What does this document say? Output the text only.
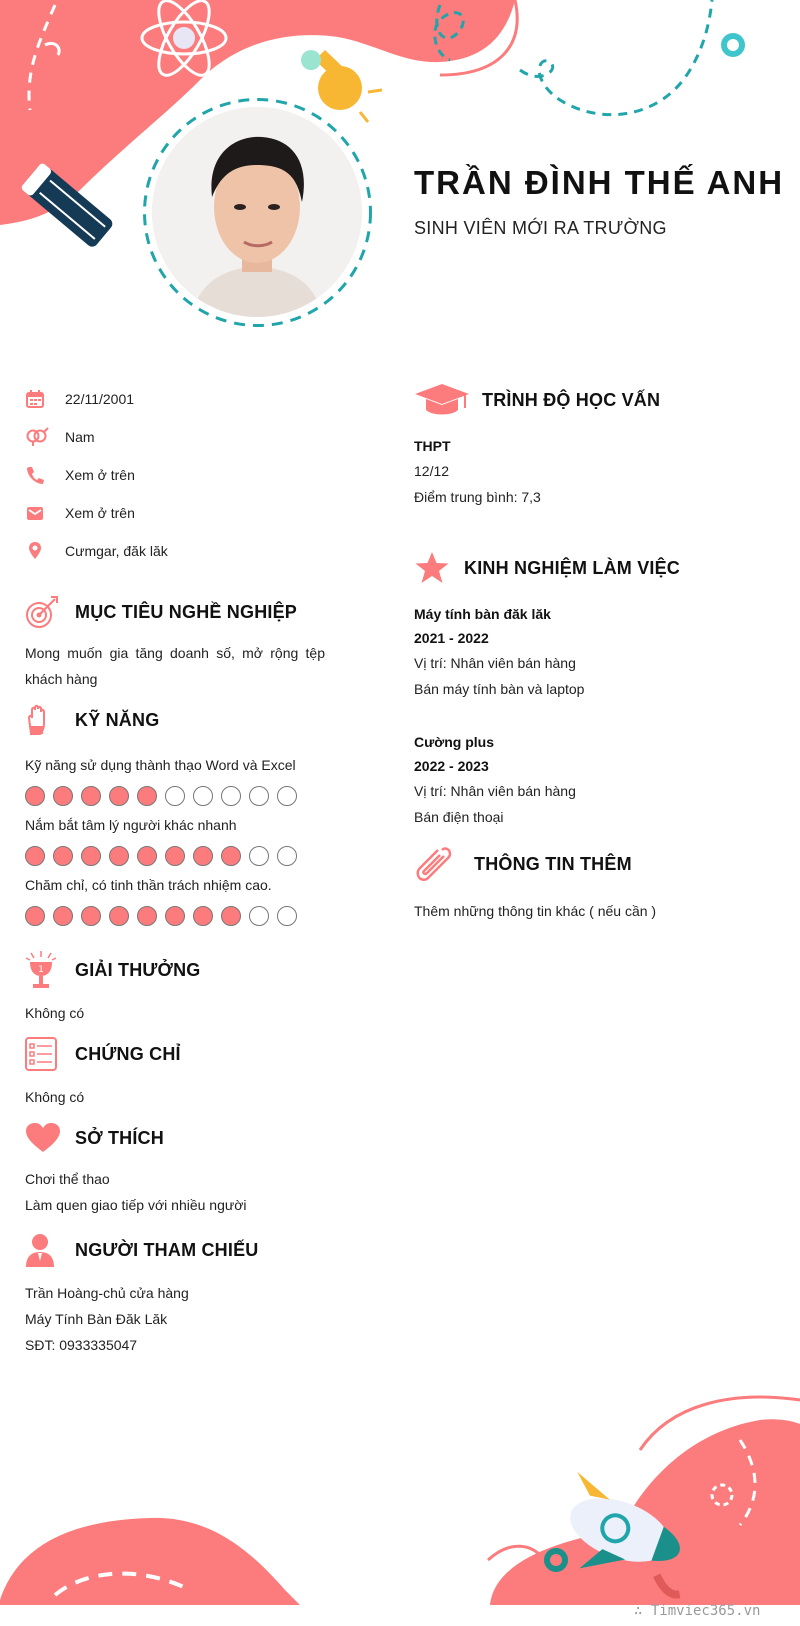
TRẦN ĐÌNH THẾ ANH
SINH VIÊN MỚI RA TRƯỜNG
22/11/2001
Nam
Xem ở trên
Xem ở trên
Cưmgar, đăk lăk
MỤC TIÊU NGHỀ NGHIỆP
Mong muốn gia tăng doanh số, mở rộng tệp khách hàng
KỸ NĂNG
Kỹ năng sử dụng thành thạo Word và Excel
Nắm bắt tâm lý người khác nhanh
Chăm chỉ, có tinh thần trách nhiệm cao.
1 GIẢI THƯỞNG
Không có
CHỨNG CHỈ
Không có
SỞ THÍCH
Chơi thể thao
Làm quen giao tiếp với nhiều người
NGƯỜI THAM CHIẾU
Trần Hoàng-chủ cửa hàng
Máy Tính Bàn Đăk Lăk
SĐT: 0933335047
TRÌNH ĐỘ HỌC VẤN
THPT
12/12
Điểm trung bình: 7,3
KINH NGHIỆM LÀM VIỆC
Máy tính bàn đăk lăk
2021 - 2022
Vị trí: Nhân viên bán hàng
Bán máy tính bàn và laptop
Cường plus
2022 - 2023
Vị trí: Nhân viên bán hàng
Bán điện thoại
THÔNG TIN THÊM
Thêm những thông tin khác ( nếu cần )
∴ Timviec365.vn
